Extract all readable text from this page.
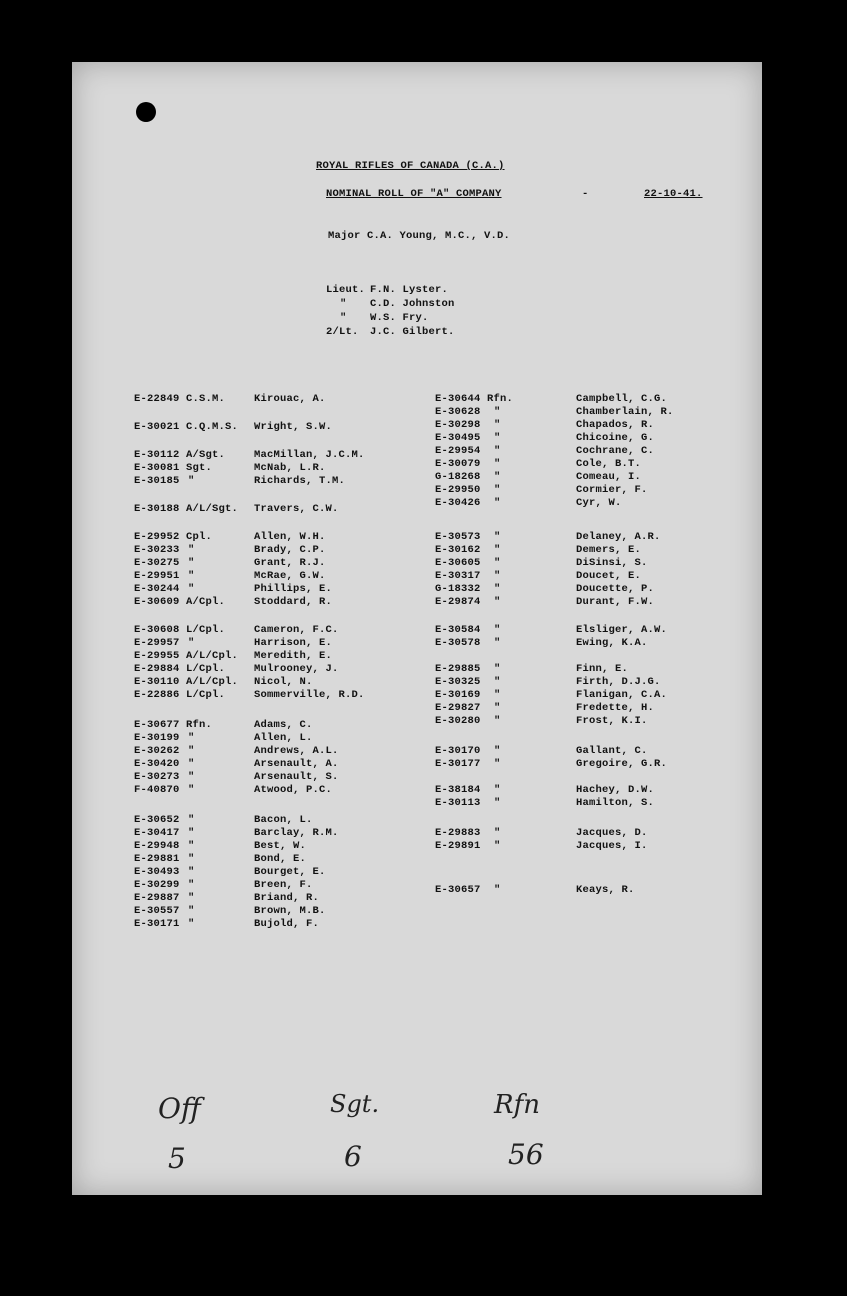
ROYAL RIFLES OF CANADA (C.A.)
NOMINAL ROLL OF "A" COMPANY	-	22-10-41.
Major C.A. Young, M.C., V.D.
Lieut. F.N. Lyster.
" C.D. Johnston
" W.S. Fry.
2/Lt. J.C. Gilbert.
E-22849 C.S.M.	Kirouac, A.
E-30021 C.Q.M.S. Wright, S.W.
E-30112 A/Sgt.	MacMillan, J.C.M.
E-30081 Sgt.	McNab, L.R.
E-30185 "	Richards, T.M.
E-30188 A/L/Sgt. Travers, C.W.
E-29952 Cpl.	Allen, W.H.
E-30233 "	Brady, C.P.
E-30275 "	Grant, R.J.
E-29951 "	McRae, G.W.
E-30244 "	Phillips, E.
E-30609 A/Cpl.	Stoddard, R.
E-30608 L/Cpl.	Cameron, F.C.
E-29957 "	Harrison, E.
E-29955 A/L/Cpl. Meredith, E.
E-29884 L/Cpl.	Mulrooney, J.
E-30110 A/L/Cpl. Nicol, N.
E-22886 L/Cpl.	Sommerville, R.D.
E-30677 Rfn.	Adams, C.
E-30199 "	Allen, L.
E-30262 "	Andrews, A.L.
E-30420 "	Arsenault, A.
E-30273 "	Arsenault, S.
F-40870 "	Atwood, P.C.
E-30652 "	Bacon, L.
E-30417 "	Barclay, R.M.
E-29948 "	Best, W.
E-29881 "	Bond, E.
E-30493 "	Bourget, E.
E-30299 "	Breen, F.
E-29887 "	Briand, R.
E-30557 "	Brown, M.B.
E-30171 "	Bujold, F.
E-30644 Rfn.	Campbell, C.G.
E-30628 "	Chamberlain, R.
E-30298 "	Chapados, R.
E-30495 "	Chicoine, G.
E-29954 "	Cochrane, C.
E-30079 "	Cole, B.T.
G-18268 "	Comeau, I.
E-29950 "	Cormier, F.
E-30426 "	Cyr, W.
E-30573 "	Delaney, A.R.
E-30162 "	Demers, E.
E-30605 "	DiSinsi, S.
E-30317 "	Doucet, E.
G-18332 "	Doucette, P.
E-29874 "	Durant, F.W.
E-30584 "	Elsliger, A.W.
E-30578 "	Ewing, K.A.
E-29885 "	Finn, E.
E-30325 "	Firth, D.J.G.
E-30169 "	Flanigan, C.A.
E-29827 "	Fredette, H.
E-30280 "	Frost, K.I.
E-30170 "	Gallant, C.
E-30177 "	Gregoire, G.R.
E-38184 "	Hachey, D.W.
E-30113 "	Hamilton, S.
E-29883 "	Jacques, D.
E-29891 "	Jacques, I.
E-30657 "	Keays, R.
Off
5
Sgt.
6
Rfn
56
